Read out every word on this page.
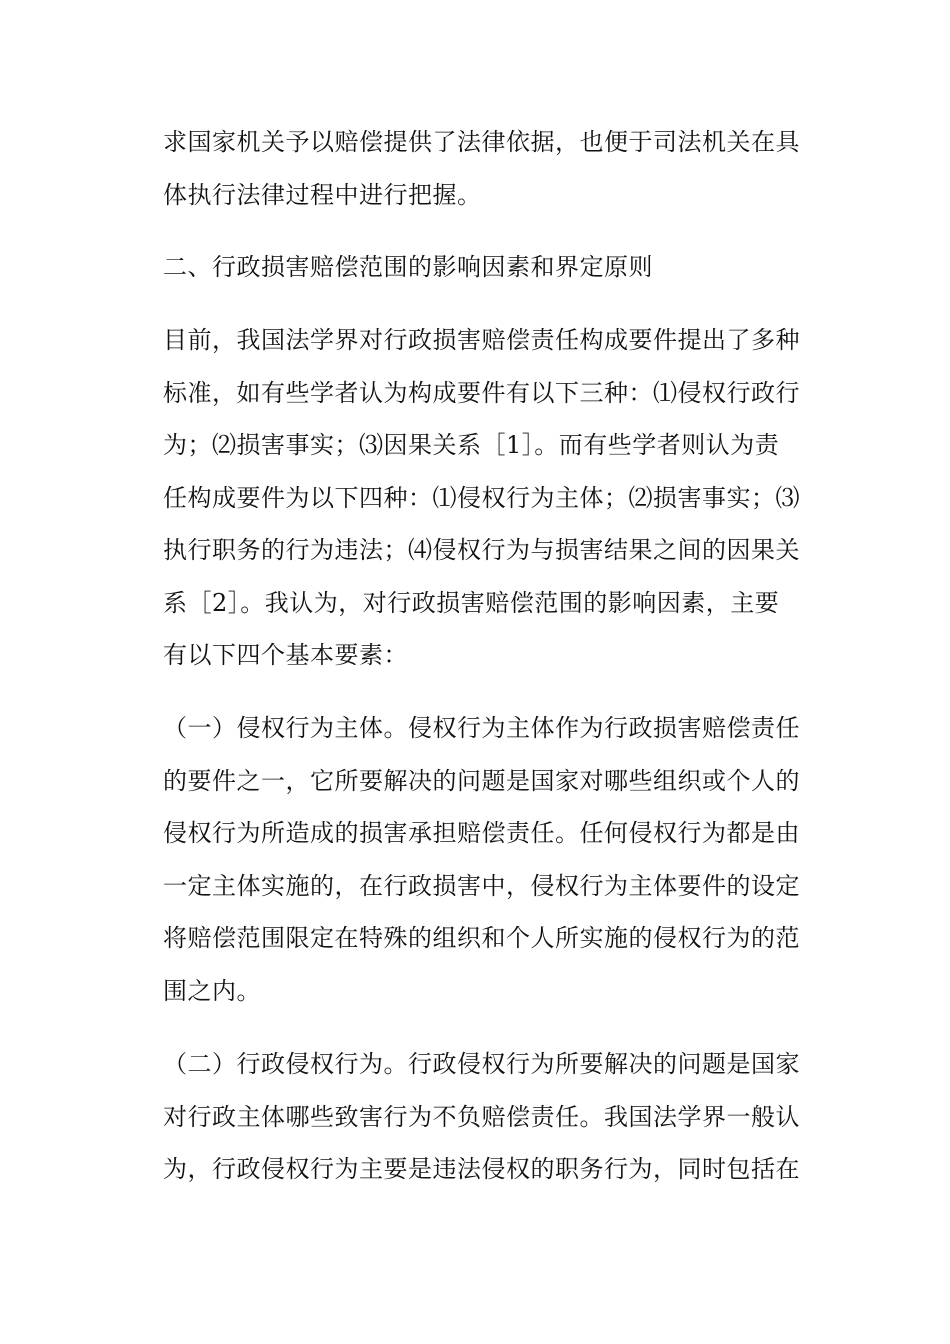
求国家机关予以赔偿提供了法律依据，也便于司法机关在具
体执行法律过程中进行把握。
二、行政损害赔偿范围的影响因素和界定原则
目前，我国法学界对行政损害赔偿责任构成要件提出了多种
标准，如有些学者认为构成要件有以下三种：⑴侵权行政行
为；⑵损害事实；⑶因果关系［1］。而有些学者则认为责
任构成要件为以下四种：⑴侵权行为主体；⑵损害事实；⑶
执行职务的行为违法；⑷侵权行为与损害结果之间的因果关
系［2］。我认为，对行政损害赔偿范围的影响因素，主要
有以下四个基本要素：
（一）侵权行为主体。侵权行为主体作为行政损害赔偿责任
的要件之一，它所要解决的问题是国家对哪些组织或个人的
侵权行为所造成的损害承担赔偿责任。任何侵权行为都是由
一定主体实施的，在行政损害中，侵权行为主体要件的设定
将赔偿范围限定在特殊的组织和个人所实施的侵权行为的范
围之内。
（二）行政侵权行为。行政侵权行为所要解决的问题是国家
对行政主体哪些致害行为不负赔偿责任。我国法学界一般认
为，行政侵权行为主要是违法侵权的职务行为，同时包括在
